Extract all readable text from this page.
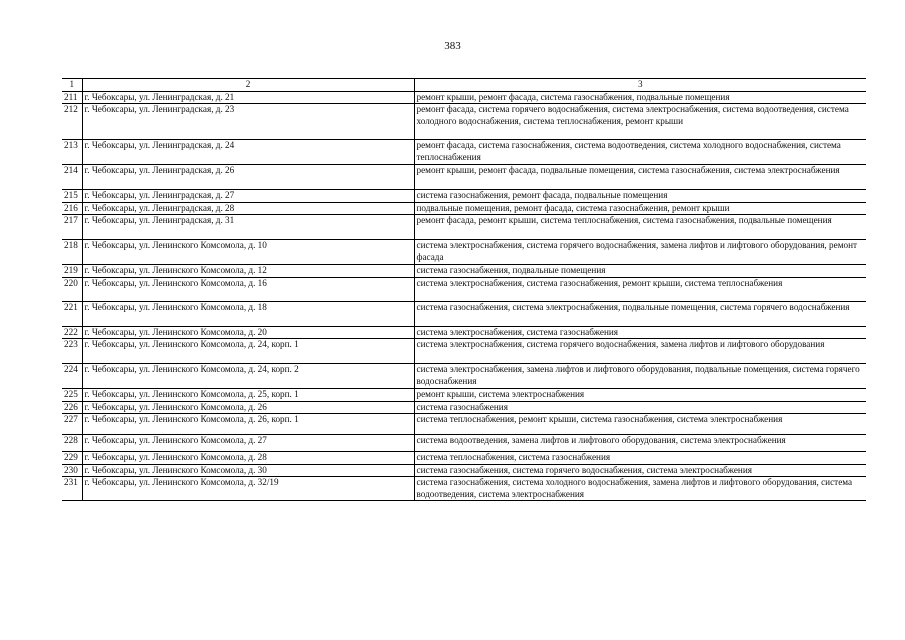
383
1	2	3
211	г. Чебоксары, ул. Ленинградская, д. 21	ремонт крыши, ремонт фасада, система газоснабжения, подвальные помещения
212	г. Чебоксары, ул. Ленинградская, д. 23	ремонт фасада, система горячего водоснабжения, система электроснабжения, система водоотведения, система холодного водоснабжения, система теплоснабжения, ремонт крыши
213	г. Чебоксары, ул. Ленинградская, д. 24	ремонт фасада, система газоснабжения, система водоотведения, система холодного водоснабжения, система теплоснабжения
214	г. Чебоксары, ул. Ленинградская, д. 26	ремонт крыши, ремонт фасада, подвальные помещения, система газоснабжения, система электроснабжения
215	г. Чебоксары, ул. Ленинградская, д. 27	система газоснабжения, ремонт фасада, подвальные помещения
216	г. Чебоксары, ул. Ленинградская, д. 28	подвальные помещения, ремонт фасада, система газоснабжения, ремонт крыши
217	г. Чебоксары, ул. Ленинградская, д. 31	ремонт фасада, ремонт крыши, система теплоснабжения, система газоснабжения, подвальные помещения
218	г. Чебоксары, ул. Ленинского Комсомола, д. 10	система электроснабжения, система горячего водоснабжения, замена лифтов и лифтового оборудования, ремонт фасада
219	г. Чебоксары, ул. Ленинского Комсомола, д. 12	система газоснабжения, подвальные помещения
220	г. Чебоксары, ул. Ленинского Комсомола, д. 16	система электроснабжения, система газоснабжения, ремонт крыши, система теплоснабжения
221	г. Чебоксары, ул. Ленинского Комсомола, д. 18	система газоснабжения, система электроснабжения, подвальные помещения, система горячего водоснабжения
222	г. Чебоксары, ул. Ленинского Комсомола, д. 20	система электроснабжения, система газоснабжения
223	г. Чебоксары, ул. Ленинского Комсомола, д. 24, корп. 1	система электроснабжения, система горячего водоснабжения, замена лифтов и лифтового оборудования
224	г. Чебоксары, ул. Ленинского Комсомола, д. 24, корп. 2	система электроснабжения, замена лифтов и лифтового оборудования, подвальные помещения, система горячего водоснабжения
225	г. Чебоксары, ул. Ленинского Комсомола, д. 25, корп. 1	ремонт крыши, система электроснабжения
226	г. Чебоксары, ул. Ленинского Комсомола, д. 26	система газоснабжения
227	г. Чебоксары, ул. Ленинского Комсомола, д. 26, корп. 1	система теплоснабжения, ремонт крыши, система газоснабжения, система электроснабжения
228	г. Чебоксары, ул. Ленинского Комсомола, д. 27	система водоотведения, замена лифтов и лифтового оборудования, система электроснабжения
229	г. Чебоксары, ул. Ленинского Комсомола, д. 28	система теплоснабжения, система газоснабжения
230	г. Чебоксары, ул. Ленинского Комсомола, д. 30	система газоснабжения, система горячего водоснабжения, система электроснабжения
231	г. Чебоксары, ул. Ленинского Комсомола, д. 32/19	система газоснабжения, система холодного водоснабжения, замена лифтов и лифтового оборудования, система водоотведения, система электроснабжения
